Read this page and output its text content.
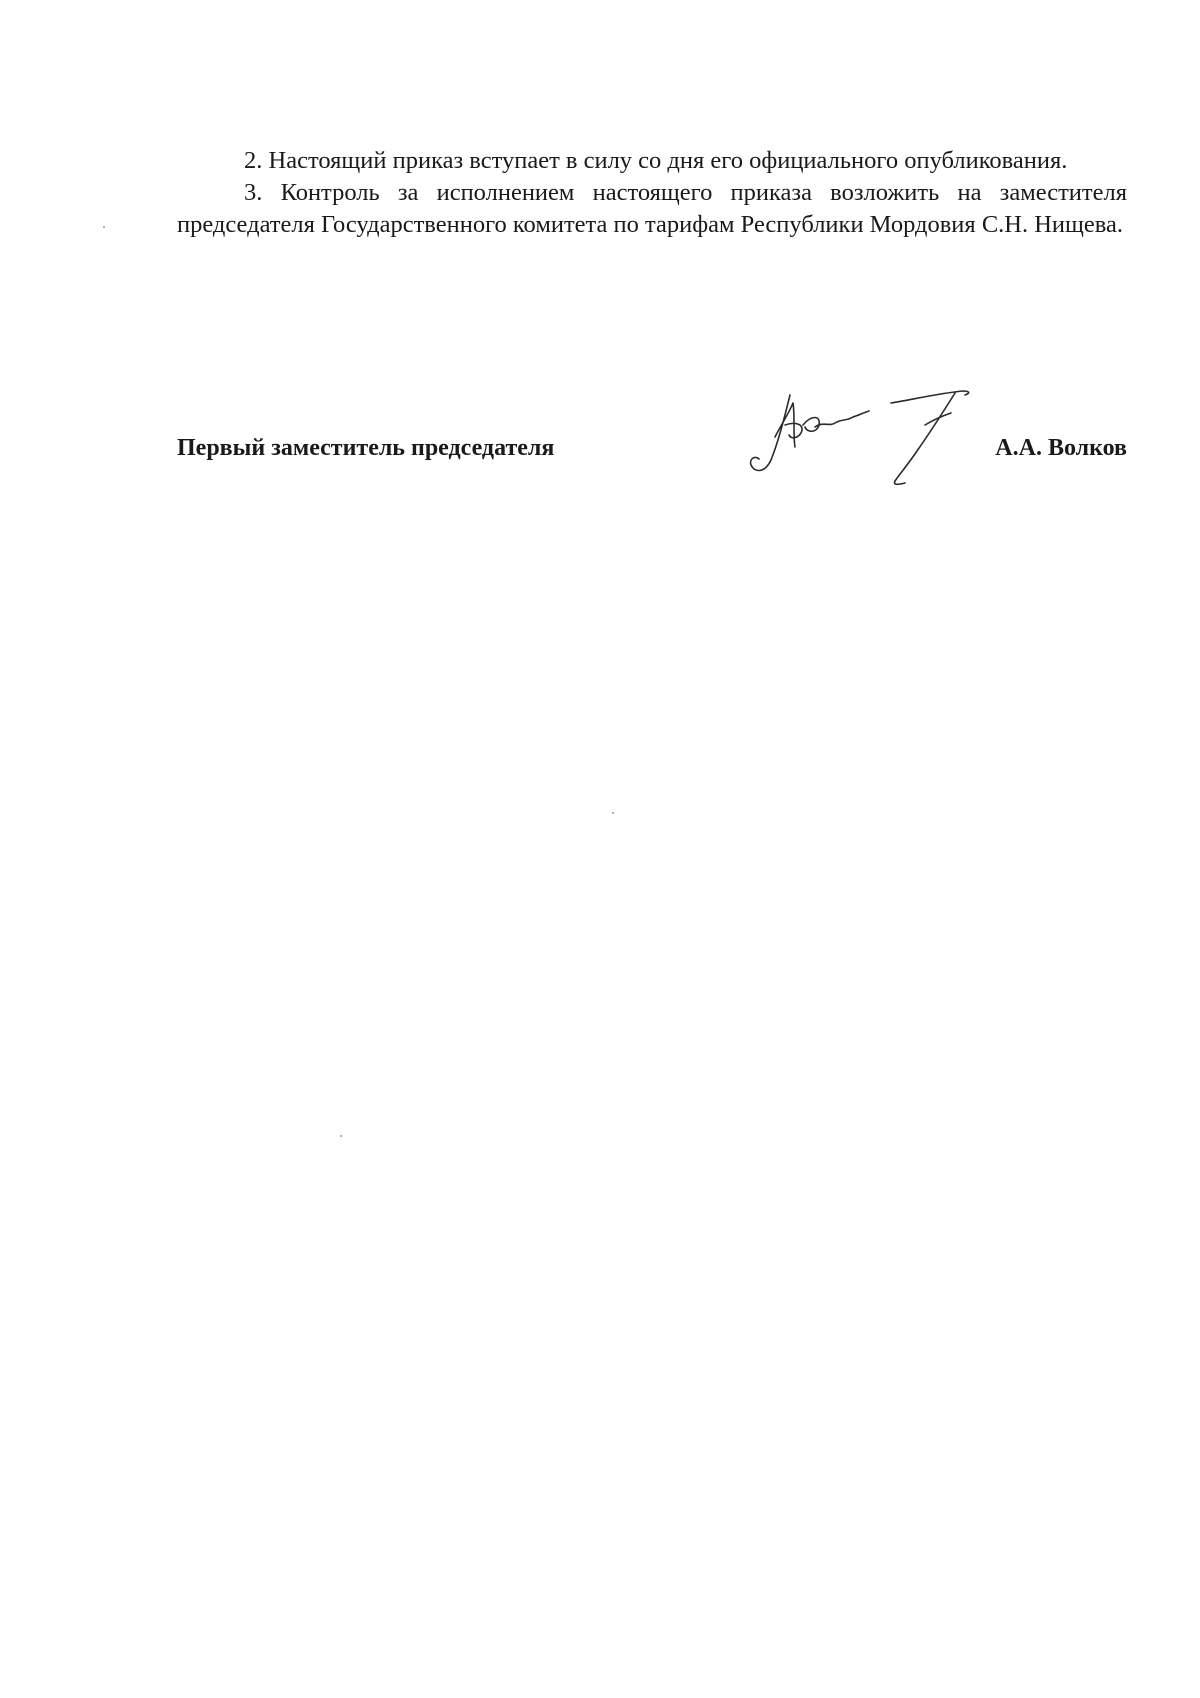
2. Настоящий приказ вступает в силу со дня его официального опубликования.

3. Контроль за исполнением настоящего приказа возложить на заместителя председателя Государственного комитета по тарифам Республики Мордовия С.Н. Нищева.

Первый заместитель председателя	А.А. Волков
